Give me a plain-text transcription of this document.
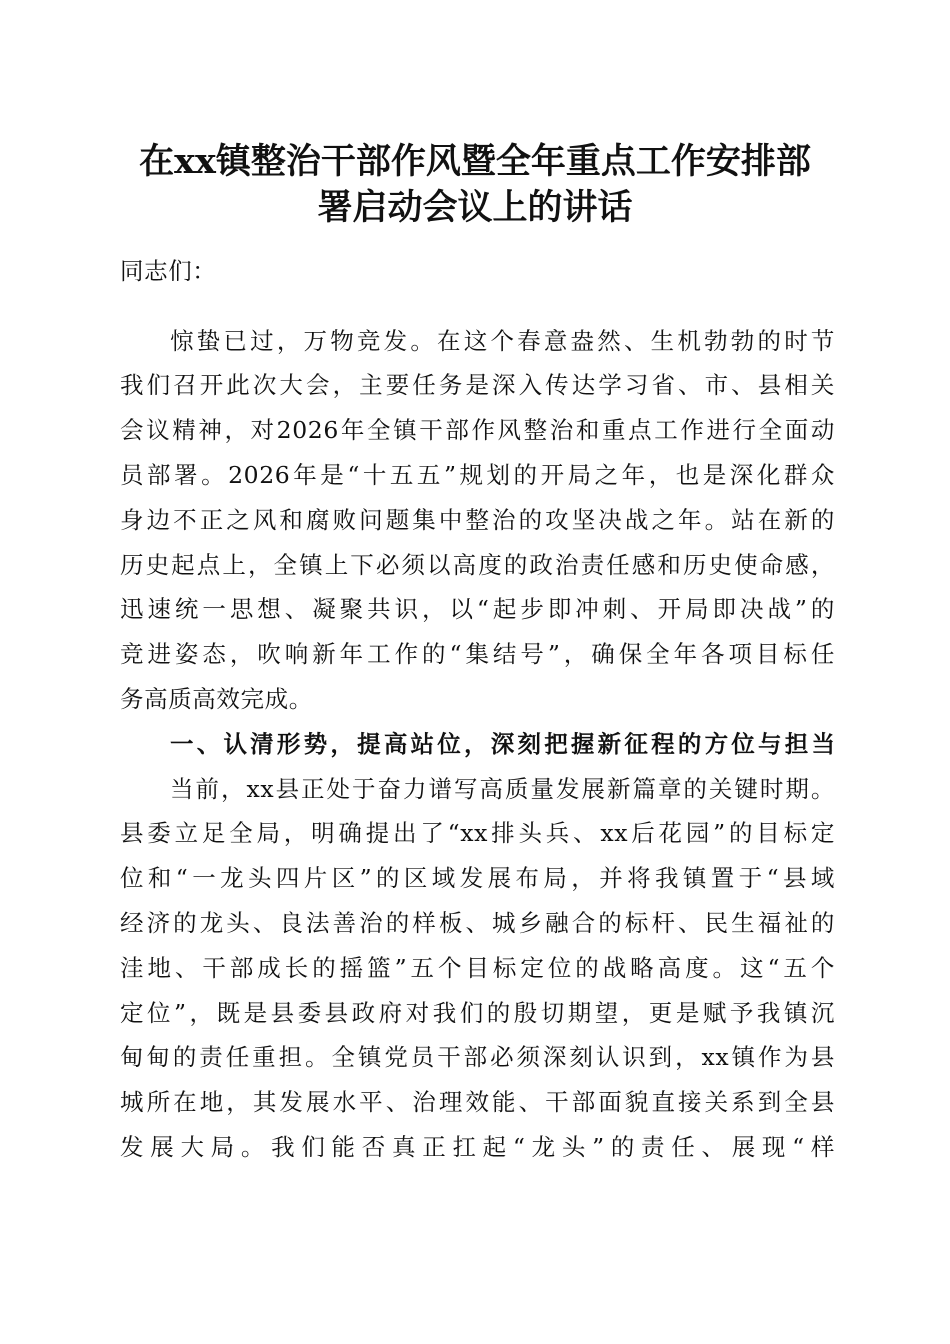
在xx镇整治干部作风暨全年重点工作安排部
署启动会议上的讲话
同志们：
惊蛰已过，万物竞发。在这个春意盎然、生机勃勃的时节
我们召开此次大会，主要任务是深入传达学习省、市、县相关
会议精神，对2026年全镇干部作风整治和重点工作进行全面动
员部署。2026年是“十五五”规划的开局之年，也是深化群众
身边不正之风和腐败问题集中整治的攻坚决战之年。站在新的
历史起点上，全镇上下必须以高度的政治责任感和历史使命感，
迅速统一思想、凝聚共识，以“起步即冲刺、开局即决战”的
竞进姿态，吹响新年工作的“集结号”，确保全年各项目标任
务高质高效完成。
一、认清形势，提高站位，深刻把握新征程的方位与担当
当前，xx县正处于奋力谱写高质量发展新篇章的关键时期。
县委立足全局，明确提出了“xx排头兵、xx后花园”的目标定
位和“一龙头四片区”的区域发展布局，并将我镇置于“县域
经济的龙头、良法善治的样板、城乡融合的标杆、民生福祉的
洼地、干部成长的摇篮”五个目标定位的战略高度。这“五个
定位”，既是县委县政府对我们的殷切期望，更是赋予我镇沉
甸甸的责任重担。全镇党员干部必须深刻认识到，xx镇作为县
城所在地，其发展水平、治理效能、干部面貌直接关系到全县
发展大局。我们能否真正扛起“龙头”的责任、展现“样
